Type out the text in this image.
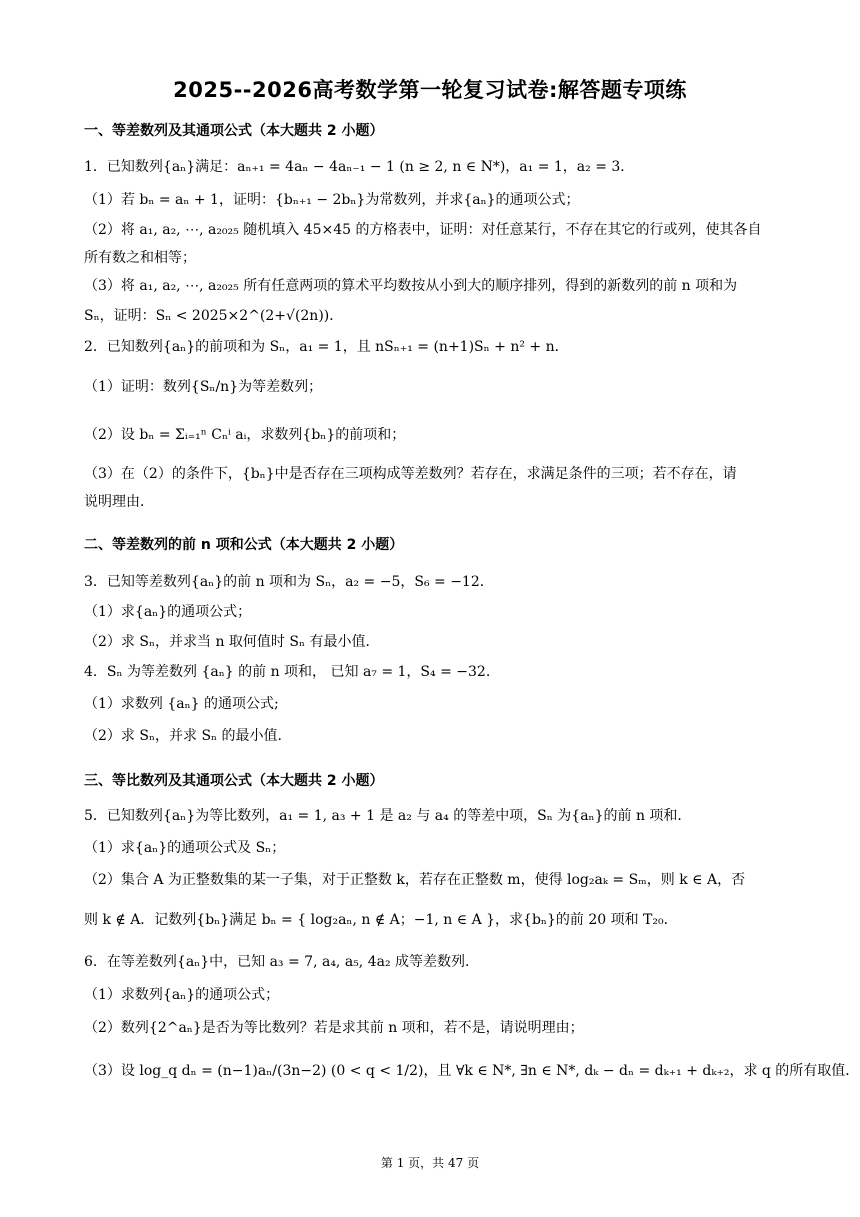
2025--2026高考数学第一轮复习试卷:解答题专项练
一、等差数列及其通项公式（本大题共 2 小题）
1．已知数列{aₙ}满足：aₙ₊₁ = 4aₙ − 4aₙ₋₁ − 1 (n ≥ 2, n ∈ N*)，a₁ = 1，a₂ = 3．
（1）若 bₙ = aₙ + 1，证明：{bₙ₊₁ − 2bₙ}为常数列，并求{aₙ}的通项公式；
（2）将 a₁, a₂, ⋯, a₂₀₂₅ 随机填入 45×45 的方格表中，证明：对任意某行，不存在其它的行或列，使其各自
所有数之和相等；
（3）将 a₁, a₂, ⋯, a₂₀₂₅ 所有任意两项的算术平均数按从小到大的顺序排列，得到的新数列的前 n 项和为
Sₙ，证明：Sₙ < 2025×2^(2+√(2n))．
2．已知数列{aₙ}的前项和为 Sₙ，a₁ = 1，且 nSₙ₊₁ = (n+1)Sₙ + n² + n．
（1）证明：数列{Sₙ/n}为等差数列；
（2）设 bₙ = Σᵢ₌₁ⁿ Cₙⁱ aᵢ，求数列{bₙ}的前项和；
（3）在（2）的条件下，{bₙ}中是否存在三项构成等差数列？若存在，求满足条件的三项；若不存在，请
说明理由．
二、等差数列的前 n 项和公式（本大题共 2 小题）
3．已知等差数列{aₙ}的前 n 项和为 Sₙ，a₂ = −5，S₆ = −12．
（1）求{aₙ}的通项公式；
（2）求 Sₙ，并求当 n 取何值时 Sₙ 有最小值．
4．Sₙ 为等差数列 {aₙ} 的前 n 项和， 已知 a₇ = 1，S₄ = −32.
（1）求数列 {aₙ} 的通项公式;
（2）求 Sₙ，并求 Sₙ 的最小值.
三、等比数列及其通项公式（本大题共 2 小题）
5．已知数列{aₙ}为等比数列，a₁ = 1, a₃ + 1 是 a₂ 与 a₄ 的等差中项，Sₙ 为{aₙ}的前 n 项和．
（1）求{aₙ}的通项公式及 Sₙ；
（2）集合 A 为正整数集的某一子集，对于正整数 k，若存在正整数 m，使得 log₂aₖ = Sₘ，则 k ∈ A，否
则 k ∉ A．记数列{bₙ}满足 bₙ = { log₂aₙ, n ∉ A；−1, n ∈ A }，求{bₙ}的前 20 项和 T₂₀．
6．在等差数列{aₙ}中，已知 a₃ = 7, a₄, a₅, 4a₂ 成等差数列．
（1）求数列{aₙ}的通项公式；
（2）数列{2^aₙ}是否为等比数列？若是求其前 n 项和，若不是，请说明理由；
（3）设 log_q dₙ = (n−1)aₙ/(3n−2) (0 < q < 1/2)，且 ∀k ∈ N*, ∃n ∈ N*, dₖ − dₙ = dₖ₊₁ + dₖ₊₂，求 q 的所有取值．
第 1 页，共 47 页
